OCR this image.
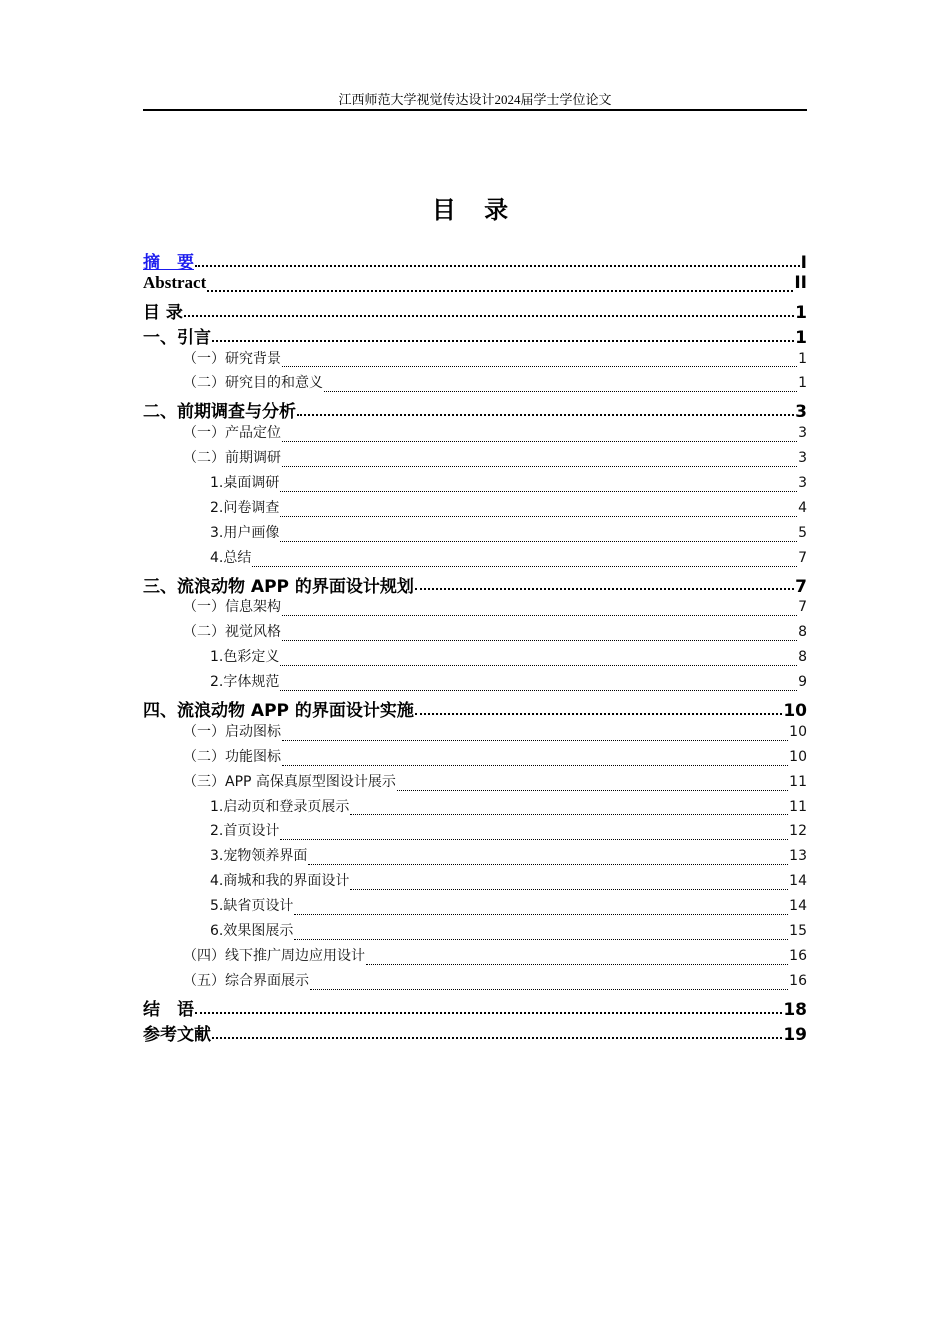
江西师范大学视觉传达设计2024届学士学位论文
目 录
摘　要	I
Abstract	II
目 录	1
一、引言	1
（一）研究背景	1
（二）研究目的和意义	1
二、前期调查与分析	3
（一）产品定位	3
（二）前期调研	3
1.桌面调研	3
2.问卷调查	4
3.用户画像	5
4.总结	7
三、流浪动物 APP 的界面设计规划	7
（一）信息架构	7
（二）视觉风格	8
1.色彩定义	8
2.字体规范	9
四、流浪动物 APP 的界面设计实施	10
（一）启动图标	10
（二）功能图标	10
（三）APP 高保真原型图设计展示	11
1.启动页和登录页展示	11
2.首页设计	12
3.宠物领养界面	13
4.商城和我的界面设计	14
5.缺省页设计	14
6.效果图展示	15
（四）线下推广周边应用设计	16
（五）综合界面展示	16
结　语	18
参考文献	19
